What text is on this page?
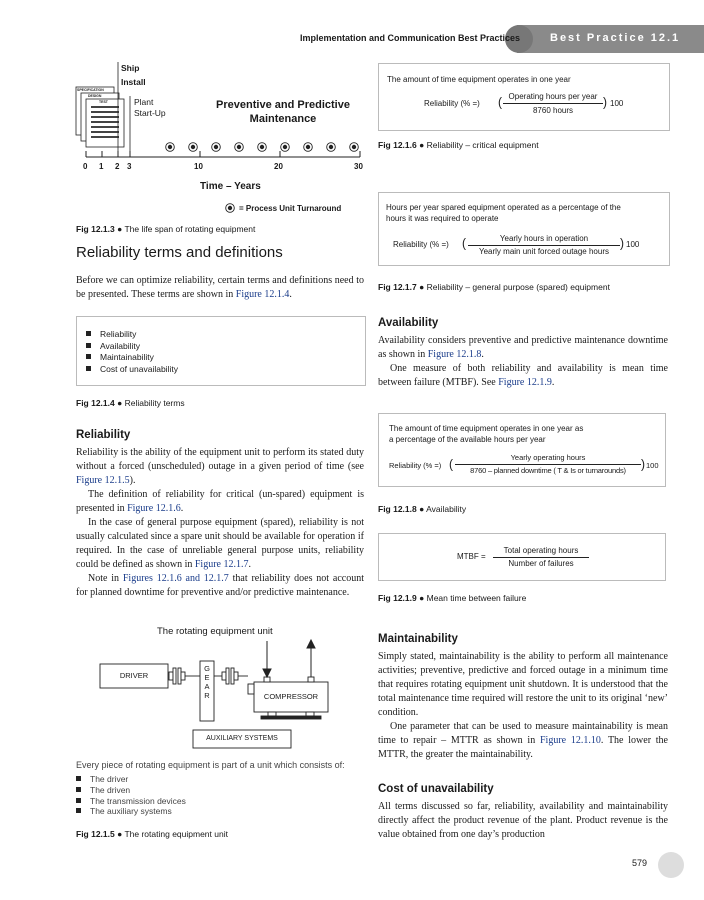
Implementation and Communication Best Practices	Best Practice 12.1
SPECIFICATION
DESIGN
TEST
Ship
Install
Plant
Start-Up
Preventive and Predictive
Maintenance
0 1 2 3	10	20	30
Time – Years
= Process Unit Turnaround
Fig 12.1.3 ● The life span of rotating equipment
Reliability terms and definitions

Before we can optimize reliability, certain terms and definitions need to be presented. These terms are shown in Figure 12.1.4.

Reliability
Availability
Maintainability
Cost of unavailability
Fig 12.1.4 ● Reliability terms
Reliability

Reliability is the ability of the equipment unit to perform its stated duty without a forced (unscheduled) outage in a given period of time (see Figure 12.1.5).

The definition of reliability for critical (un-spared) equipment is presented in Figure 12.1.6.

In the case of general purpose equipment (spared), reliability is not usually calculated since a spare unit should be available for operation if required. In the case of unreliable general purpose units, reliability could be defined as shown in Figure 12.1.7.

Note in Figures 12.1.6 and 12.1.7 that reliability does not account for planned downtime for preventive and/or predictive maintenance.

The rotating equipment unit
DRIVER
G
E
A
R	COMPRESSOR
AUXILIARY SYSTEMS
Every piece of rotating equipment is part of a unit which consists of:
The driver
The driven
The transmission devices
The auxiliary systems
Fig 12.1.5 ● The rotating equipment unit
The amount of time equipment operates in one year
Reliability (% =) ( Operating hours per year
8760 hours
) 100
Fig 12.1.6 ● Reliability – critical equipment
Hours per year spared equipment operated as a percentage of the
hours it was required to operate
Reliability (% =) (	Yearly hours in operation
Yearly main unit forced outage hours
) 100
Fig 12.1.7 ● Reliability – general purpose (spared) equipment
Availability

Availability considers preventive and predictive maintenance downtime as shown in Figure 12.1.8.

One measure of both reliability and availability is mean time between failure (MTBF). See Figure 12.1.9.

The amount of time equipment operates in one year as
a percentage of the available hours per year
Reliability (% =) (	Yearly operating hours
8760 – planned downtime ( T & Is or turnarounds)	) 100
Fig 12.1.8 ● Availability
MTBF =
Total operating hours
Number of failures
Fig 12.1.9 ● Mean time between failure
Maintainability

Simply stated, maintainability is the ability to perform all maintenance activities; preventive, predictive and forced outage in a minimum time that requires rotating equipment unit shutdown. It is understood that the total maintenance time required will restore the unit to its original ‘new’ condition.

One parameter that can be used to measure maintainability is mean time to repair – MTTR as shown in Figure 12.1.10. The lower the MTTR, the greater the maintainability.

Cost of unavailability

All terms discussed so far, reliability, availability and maintainability directly affect the product revenue of the plant. Product revenue is the value obtained from one day’s production

579
